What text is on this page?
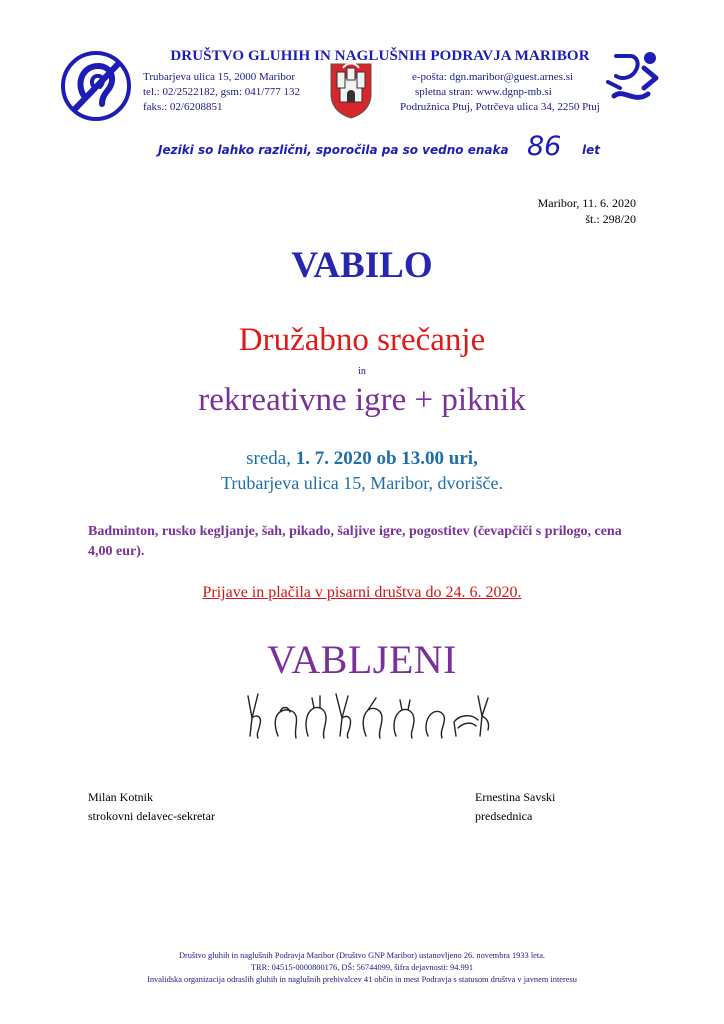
DRUŠTVO GLUHIH IN NAGLUŠNIH PODRAVJA MARIBOR
Trubarjeva ulica 15, 2000 Maribor
tel.: 02/2522182, gsm: 041/777 132
faks.: 02/6208851
e-pošta: dgn.maribor@guest.arnes.si
spletna stran: www.dgnp-mb.si
Podružnica Ptuj, Potrčeva ulica 34, 2250 Ptuj
Jeziki so lahko različni, sporočila pa so vedno enaka 86 let
Maribor, 11. 6. 2020
št.: 298/20
VABILO
Družabno srečanje
in
rekreativne igre + piknik
sreda, 1. 7. 2020 ob 13.00 uri,
Trubarjeva ulica 15, Maribor, dvorišče.
Badminton, rusko kegljanje, šah, pikado, šaljive igre, pogostitev (čevapčiči s prilogo, cena 4,00 eur).
Prijave in plačila v pisarni društva do 24. 6. 2020.
VABLJENI
Milan Kotnik
strokovni delavec-sekretar
Ernestina Savski
predsednica
Društvo gluhih in naglušnih Podravja Maribor (Društvo GNP Maribor) ustanovljeno 26. novembra 1933 leta.
TRR: 04515-0000800176, DŠ: 56744099, šifra dejavnosti: 94.991
Invalidska organizacija odraslih gluhih in naglušnih prebivalcev 41 občin in mest Podravja s statusom društva v javnem interesu
